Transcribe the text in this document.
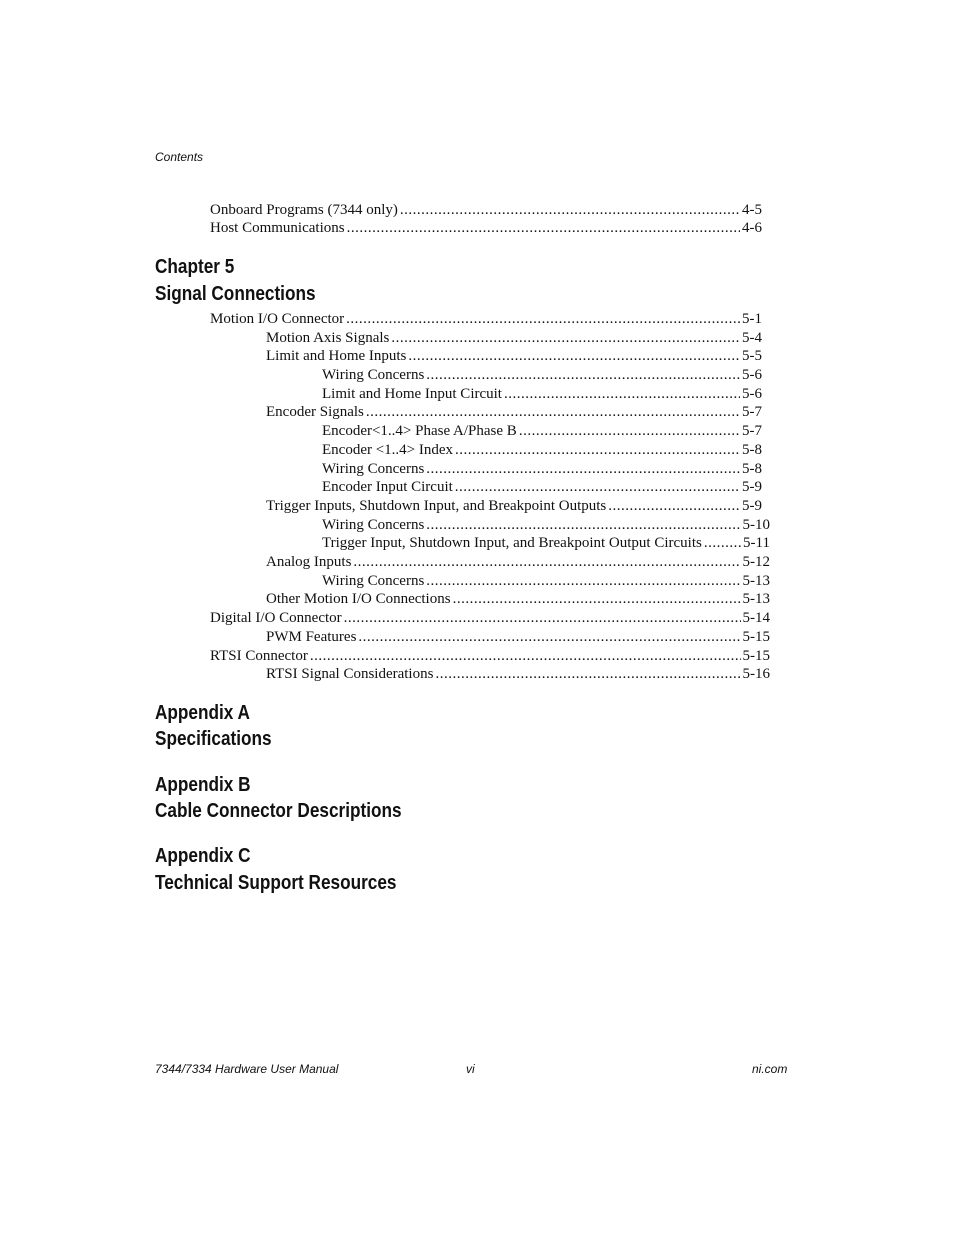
Contents
Onboard Programs (7344 only) .....	4-5
Host Communications .....	4-6
Chapter 5
Signal Connections
Motion I/O Connector .....	5-1
Motion Axis Signals .....	5-4
Limit and Home Inputs .....	5-5
Wiring Concerns .....	5-6
Limit and Home Input Circuit .....	5-6
Encoder Signals .....	5-7
Encoder<1..4> Phase A/Phase B .....	5-7
Encoder <1..4> Index .....	5-8
Wiring Concerns .....	5-8
Encoder Input Circuit .....	5-9
Trigger Inputs, Shutdown Input, and Breakpoint Outputs .....	5-9
Wiring Concerns .....	5-10
Trigger Input, Shutdown Input, and Breakpoint Output Circuits .....	5-11
Analog Inputs .....	5-12
Wiring Concerns .....	5-13
Other Motion I/O Connections .....	5-13
Digital I/O Connector .....	5-14
PWM Features .....	5-15
RTSI Connector .....	5-15
RTSI Signal Considerations .....	5-16
Appendix A
Specifications
Appendix B
Cable Connector Descriptions
Appendix C
Technical Support Resources
7344/7334 Hardware User Manual	vi	ni.com
